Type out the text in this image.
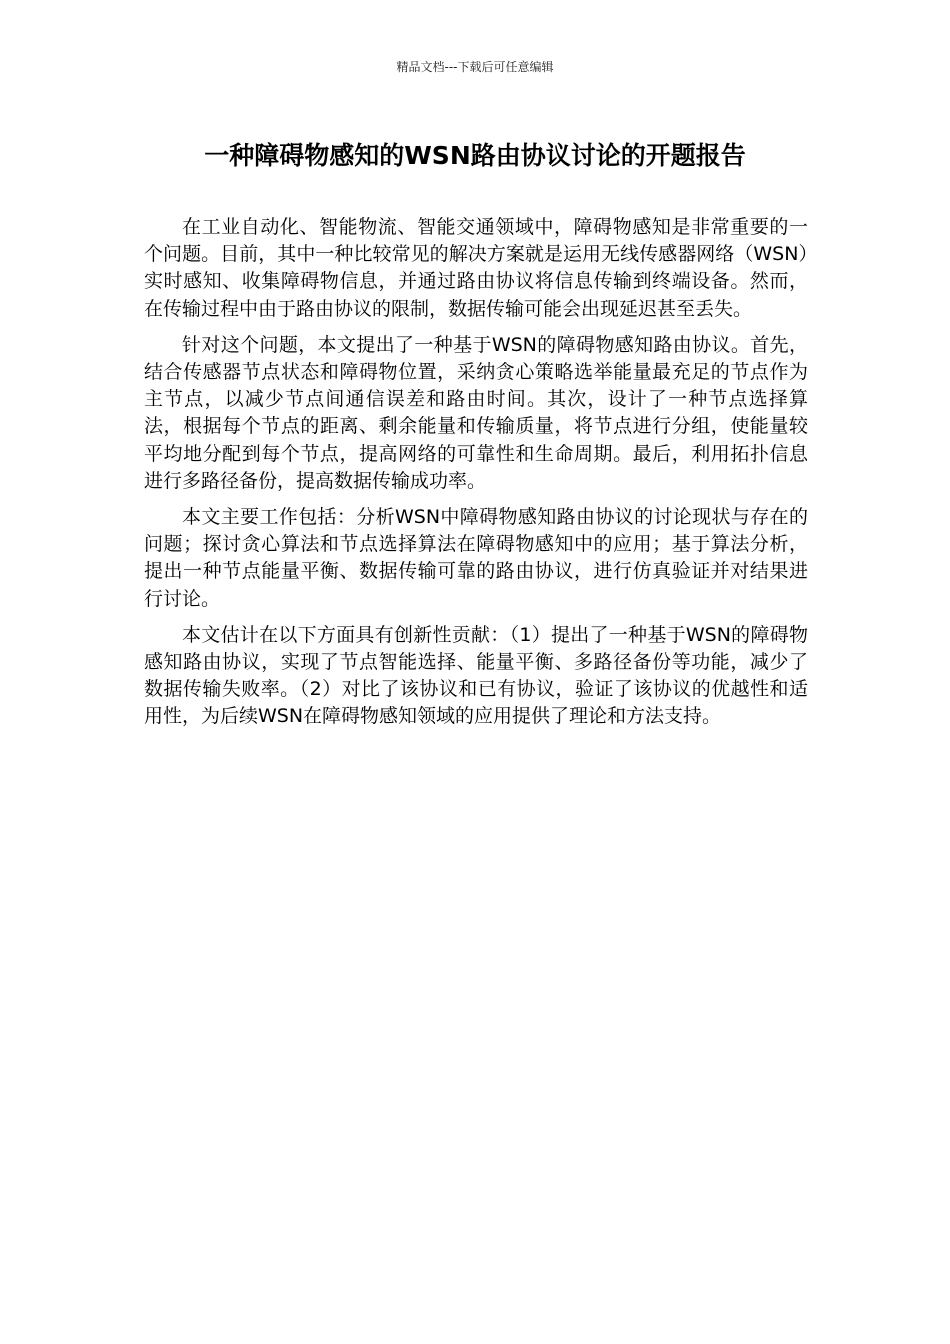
精品文档---下载后可任意编辑
一种障碍物感知的WSN路由协议讨论的开题报告

在工业自动化、智能物流、智能交通领域中，障碍物感知是非常重要的一个问题。目前，其中一种比较常见的解决方案就是运用无线传感器网络（WSN）实时感知、收集障碍物信息，并通过路由协议将信息传输到终端设备。然而，在传输过程中由于路由协议的限制，数据传输可能会出现延迟甚至丢失。

针对这个问题，本文提出了一种基于WSN的障碍物感知路由协议。首先，结合传感器节点状态和障碍物位置，采纳贪心策略选举能量最充足的节点作为主节点，以减少节点间通信误差和路由时间。其次，设计了一种节点选择算法，根据每个节点的距离、剩余能量和传输质量，将节点进行分组，使能量较平均地分配到每个节点，提高网络的可靠性和生命周期。最后，利用拓扑信息进行多路径备份，提高数据传输成功率。

本文主要工作包括：分析WSN中障碍物感知路由协议的讨论现状与存在的问题；探讨贪心算法和节点选择算法在障碍物感知中的应用；基于算法分析，提出一种节点能量平衡、数据传输可靠的路由协议，进行仿真验证并对结果进行讨论。

本文估计在以下方面具有创新性贡献：（1）提出了一种基于WSN的障碍物感知路由协议，实现了节点智能选择、能量平衡、多路径备份等功能，减少了数据传输失败率。（2）对比了该协议和已有协议，验证了该协议的优越性和适用性，为后续WSN在障碍物感知领域的应用提供了理论和方法支持。
